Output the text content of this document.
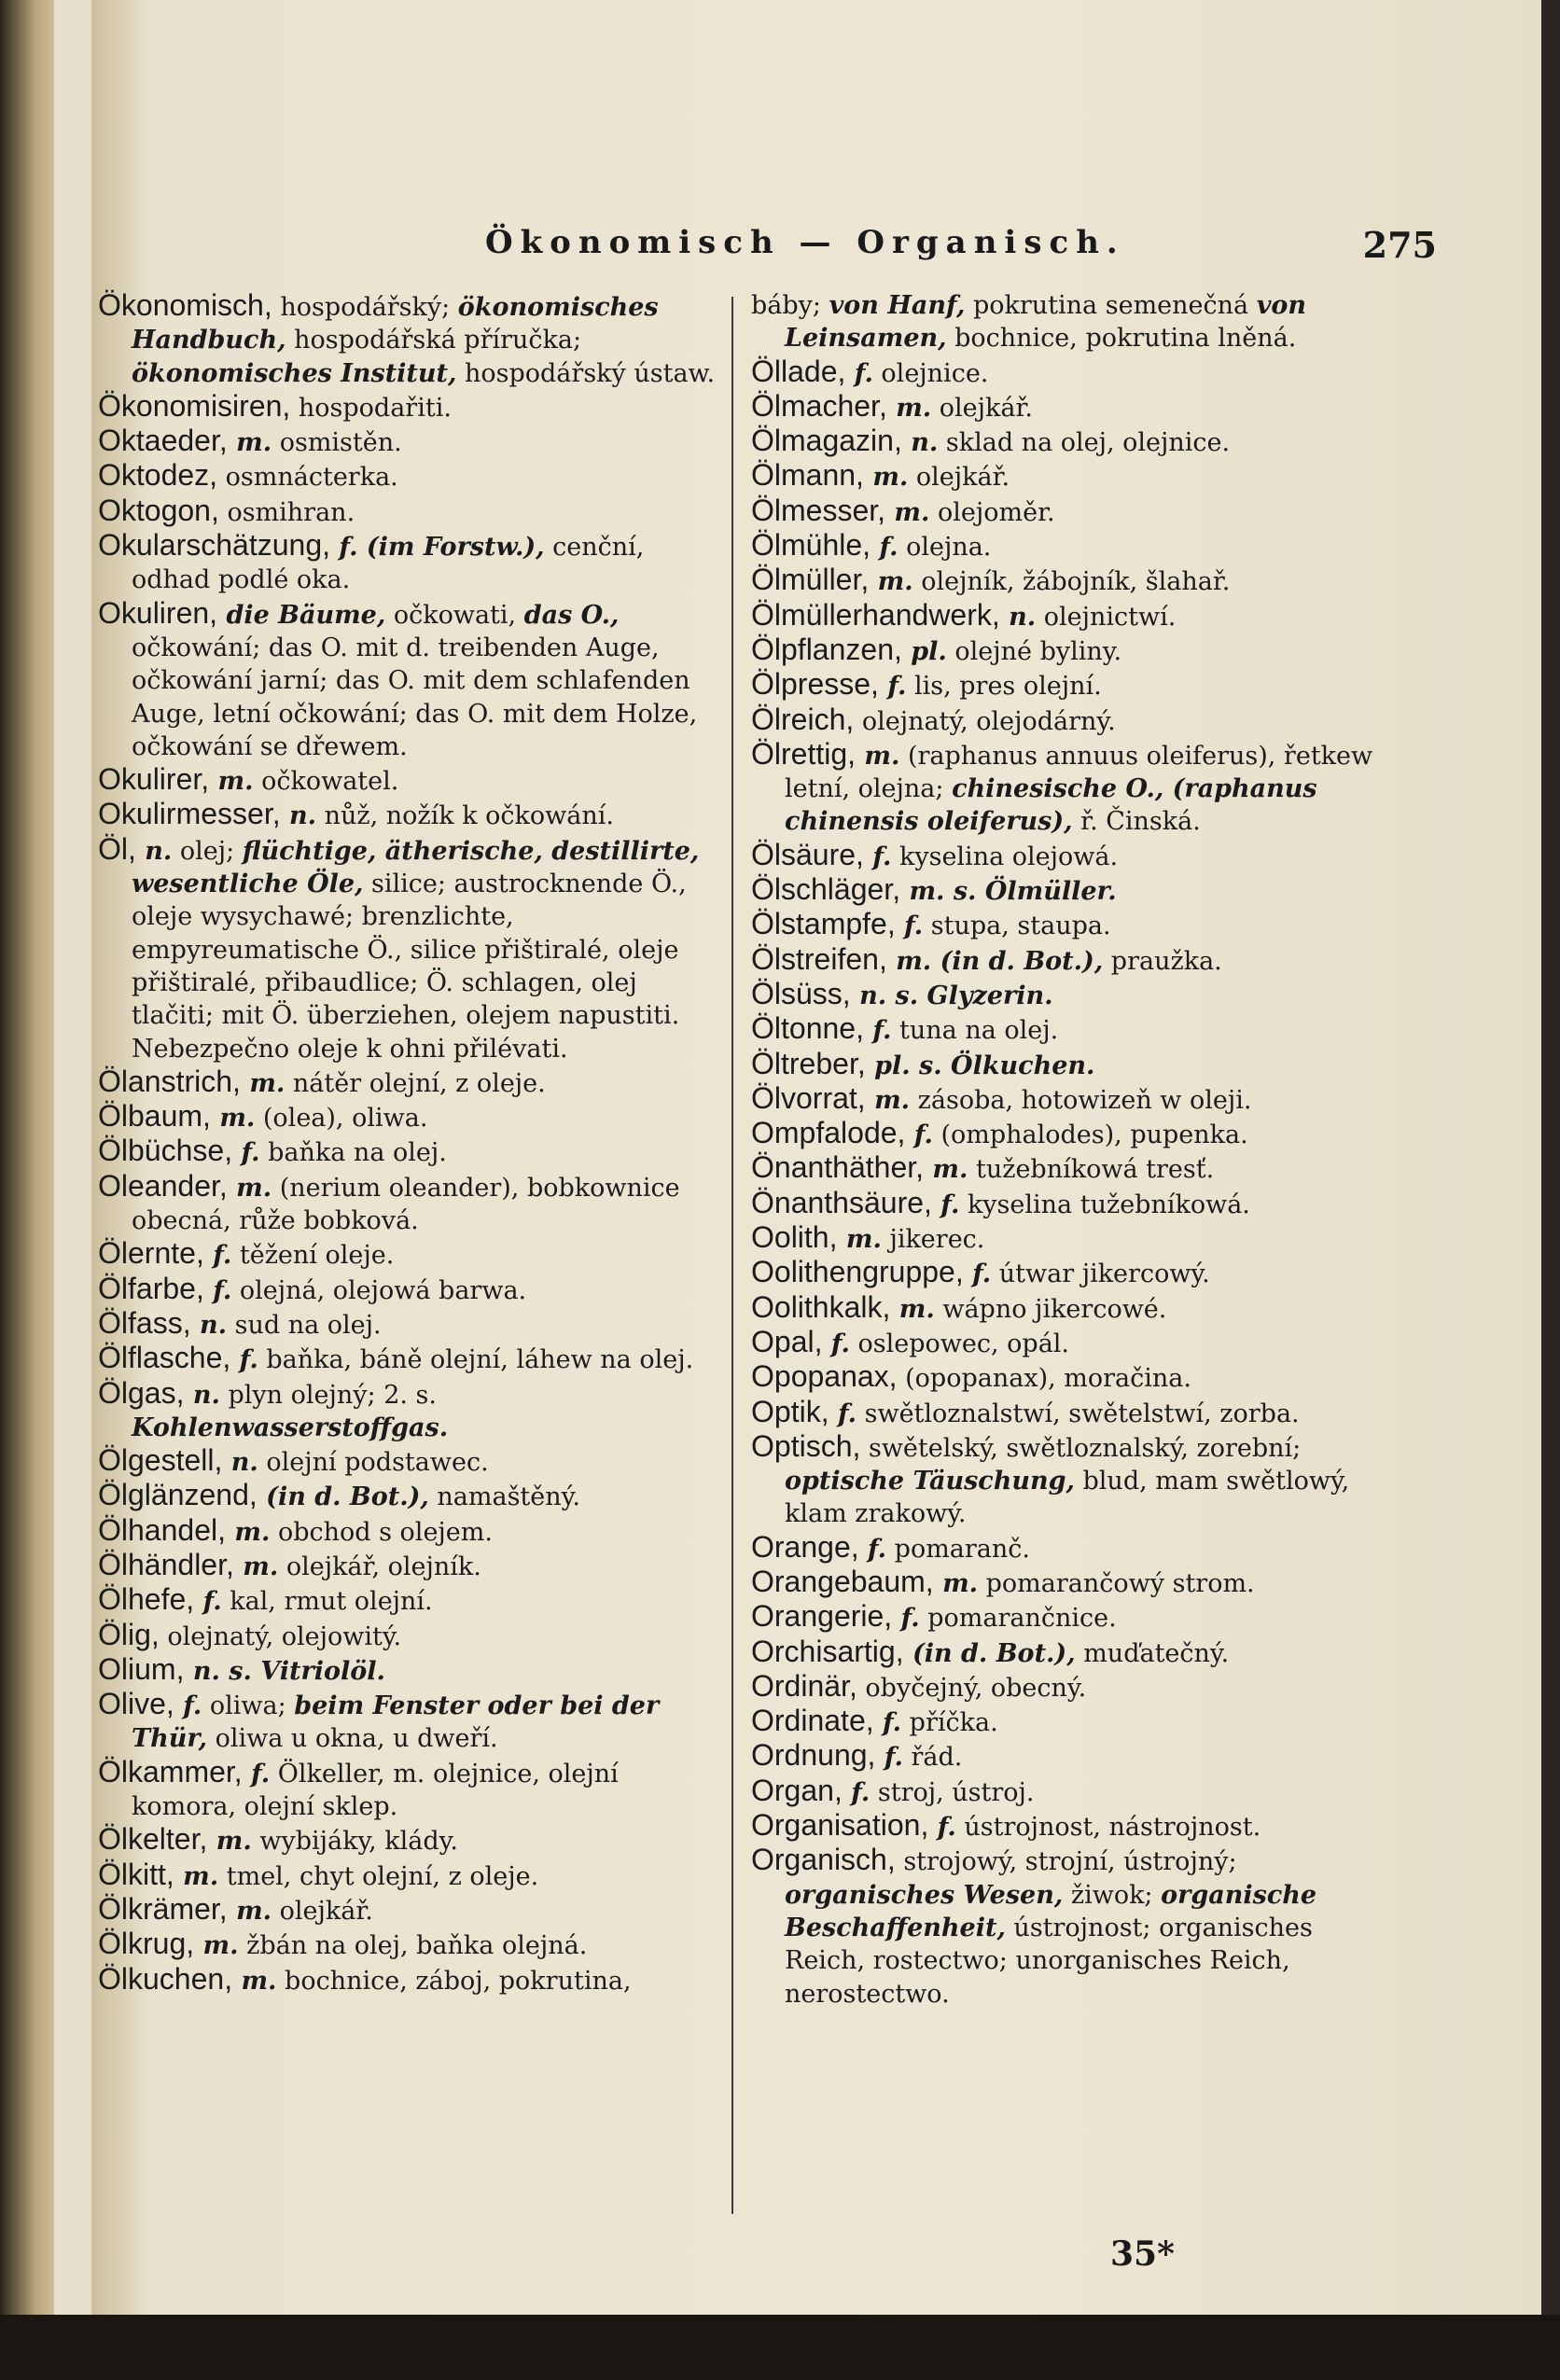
Ökonomisch — Organisch.	275

Ökonomisch, hospodářský; ökonomisches Handbuch, hospodářská příručka; ökonomisches Institut, hospodářský ústaw.

Ökonomisiren, hospodařiti.

Oktaeder, m. osmistěn.

Oktodez, osmnácterka.

Oktogon, osmihran.

Okularschätzung, f. (im Forstw.), cenční, odhad podlé oka.

Okuliren, die Bäume, očkowati, das O., očkowání; das O. mit d. treibenden Auge, očkowání jarní; das O. mit dem schlafenden Auge, letní očkowání; das O. mit dem Holze, očkowání se dřewem.

Okulirer, m. očkowatel.

Okulirmesser, n. nůž, nožík k očkowání.

Öl, n. olej; flüchtige, ätherische, destillirte, wesentliche Öle, silice; austrocknende Ö., oleje wysychawé; brenzlichte, empyreumatische Ö., silice přištiralé, oleje přištiralé, přibaudlice; Ö. schlagen, olej tlačiti; mit Ö. überziehen, olejem napustiti. Nebezpečno oleje k ohni přilévati.

Ölanstrich, m. nátěr olejní, z oleje.

Ölbaum, m. (olea), oliwa.

Ölbüchse, f. baňka na olej.

Oleander, m. (nerium oleander), bobkownice obecná, růže bobková.

Ölernte, f. těžení oleje.

Ölfarbe, f. olejná, olejowá barwa.

Ölfass, n. sud na olej.

Ölflasche, f. baňka, báně olejní, láhew na olej.

Ölgas, n. plyn olejný; 2. s. Kohlenwasserstoffgas.

Ölgestell, n. olejní podstawec.

Ölglänzend, (in d. Bot.), namaštěný.

Ölhandel, m. obchod s olejem.

Ölhändler, m. olejkář, olejník.

Ölhefe, f. kal, rmut olejní.

Ölig, olejnatý, olejowitý.

Olium, n. s. Vitriolöl.

Olive, f. oliwa; beim Fenster oder bei der Thür, oliwa u okna, u dweří.

Ölkammer, f. Ölkeller, m. olejnice, olejní komora, olejní sklep.

Ölkelter, m. wybijáky, klády.

Ölkitt, m. tmel, chyt olejní, z oleje.

Ölkrämer, m. olejkář.

Ölkrug, m. žbán na olej, baňka olejná.

Ölkuchen, m. bochnice, záboj, pokrutina,

báby; von Hanf, pokrutina semenečná von Leinsamen, bochnice, pokrutina lněná.

Öllade, f. olejnice.

Ölmacher, m. olejkář.

Ölmagazin, n. sklad na olej, olejnice.

Ölmann, m. olejkář.

Ölmesser, m. olejoměr.

Ölmühle, f. olejna.

Ölmüller, m. olejník, žábojník, šlahař.

Ölmüllerhandwerk, n. olejnictwí.

Ölpflanzen, pl. olejné byliny.

Ölpresse, f. lis, pres olejní.

Ölreich, olejnatý, olejodárný.

Ölrettig, m. (raphanus annuus oleiferus), řetkew letní, olejna; chinesische O., (raphanus chinensis oleiferus), ř. Činská.

Ölsäure, f. kyselina olejowá.

Ölschläger, m. s. Ölmüller.

Ölstampfe, f. stupa, staupa.

Ölstreifen, m. (in d. Bot.), praužka.

Ölsüss, n. s. Glyzerin.

Öltonne, f. tuna na olej.

Öltreber, pl. s. Ölkuchen.

Ölvorrat, m. zásoba, hotowizeň w oleji.

Ompfalode, f. (omphalodes), pupenka.

Önanthäther, m. tužebníkowá tresť.

Önanthsäure, f. kyselina tužebníkowá.

Oolith, m. jikerec.

Oolithengruppe, f. útwar jikercowý.

Oolithkalk, m. wápno jikercowé.

Opal, f. oslepowec, opál.

Opopanax, (opopanax), moračina.

Optik, f. swětloznalstwí, swětelstwí, zorba.

Optisch, swětelský, swětloznalský, zorební; optische Täuschung, blud, mam swětlowý, klam zrakowý.

Orange, f. pomaranč.

Orangebaum, m. pomarančowý strom.

Orangerie, f. pomarančnice.

Orchisartig, (in d. Bot.), muďatečný.

Ordinär, obyčejný, obecný.

Ordinate, f. příčka.

Ordnung, f. řád.

Organ, f. stroj, ústroj.

Organisation, f. ústrojnost, nástrojnost.

Organisch, strojowý, strojní, ústrojný; organisches Wesen, žiwok; organische Beschaffenheit, ústrojnost; organisches Reich, rostectwo; unorganisches Reich, nerostectwo.

35*
